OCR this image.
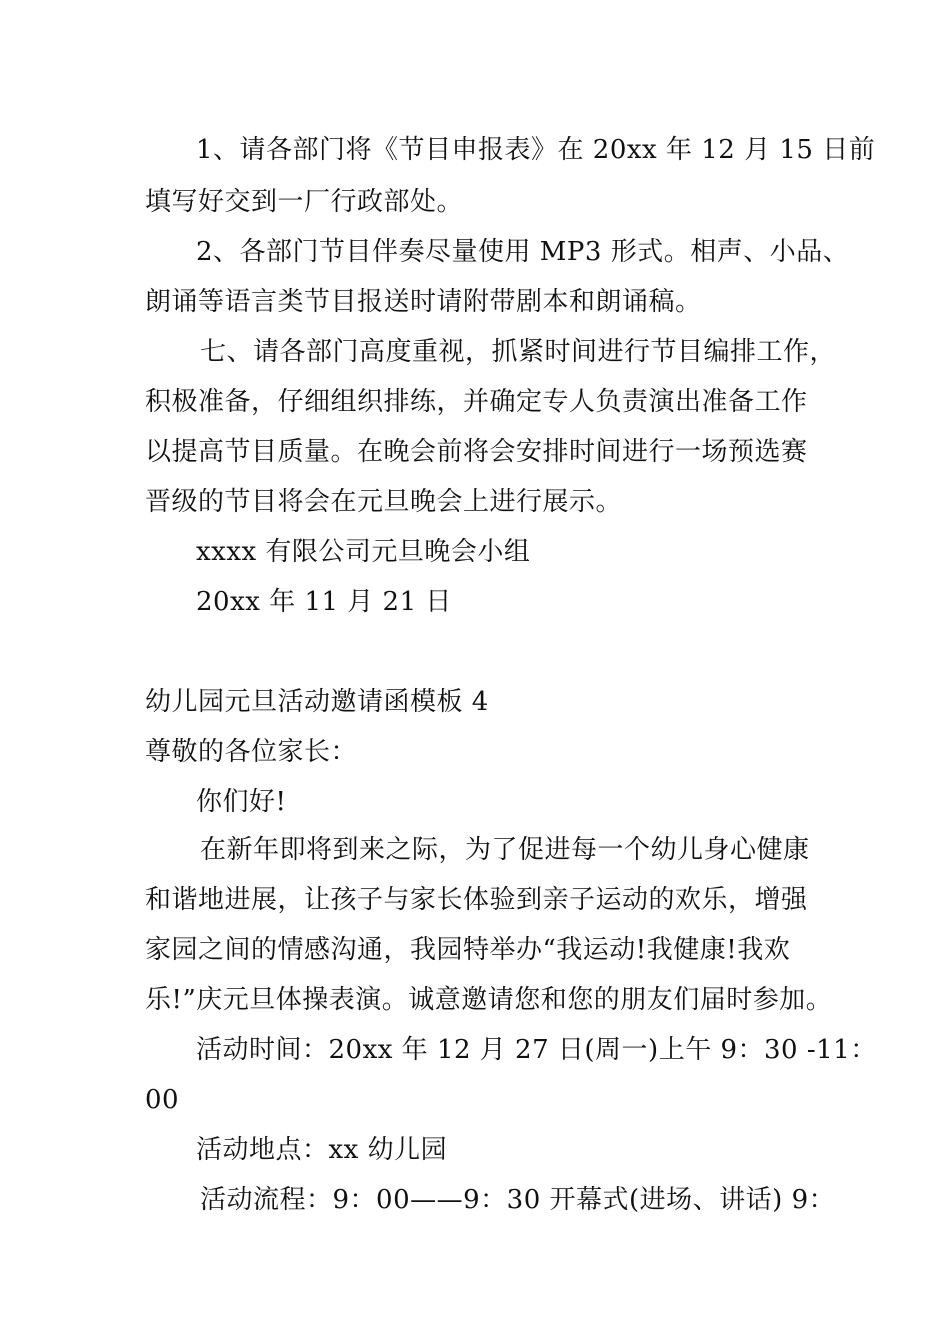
1、请各部门将《节目申报表》在 20xx 年 12 月 15 日前
填写好交到一厂行政部处。
2、各部门节目伴奏尽量使用 MP3 形式。相声、小品、
朗诵等语言类节目报送时请附带剧本和朗诵稿。
七、请各部门高度重视，抓紧时间进行节目编排工作，
积极准备，仔细组织排练，并确定专人负责演出准备工作
以提高节目质量。在晚会前将会安排时间进行一场预选赛
晋级的节目将会在元旦晚会上进行展示。
xxxx 有限公司元旦晚会小组
20xx 年 11 月 21 日
幼儿园元旦活动邀请函模板 4
尊敬的各位家长：
你们好!
在新年即将到来之际，为了促进每一个幼儿身心健康
和谐地进展，让孩子与家长体验到亲子运动的欢乐，增强
家园之间的情感沟通，我园特举办“我运动!我健康!我欢
乐!”庆元旦体操表演。诚意邀请您和您的朋友们届时参加。
活动时间：20xx 年 12 月 27 日(周一)上午 9：30 -11：
00
活动地点：xx 幼儿园
活动流程：9：00——9：30 开幕式(进场、讲话) 9：
